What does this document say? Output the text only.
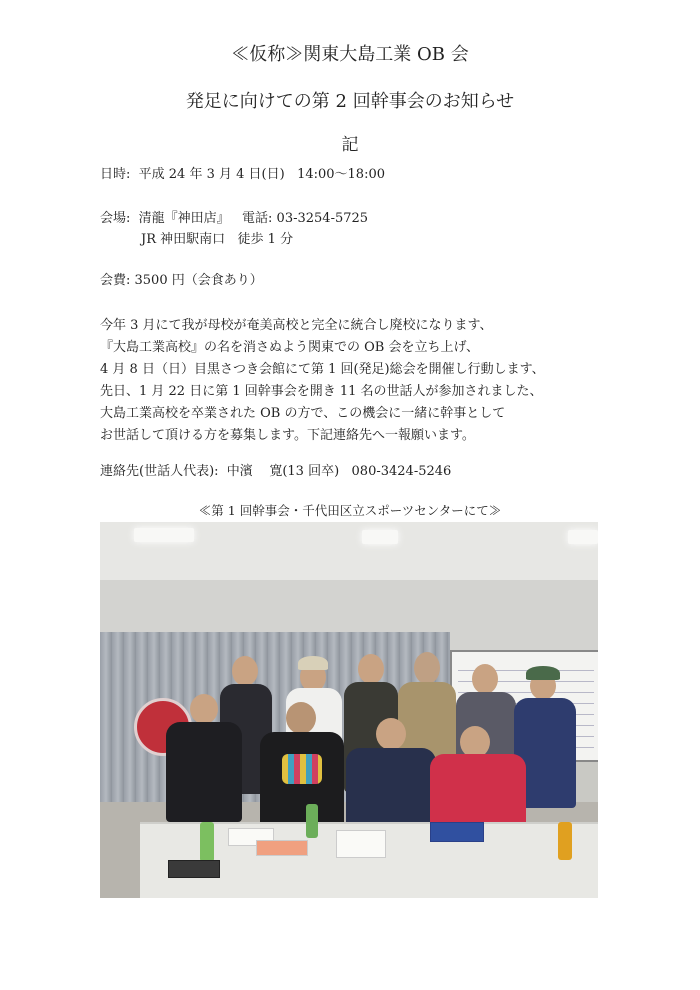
≪仮称≫関東大島工業 OB 会
発足に向けての第 2 回幹事会のお知らせ
記
日時:  平成 24 年 3 月 4 日(日)   14:00～18:00
会場:  清龍『神田店』   電話: 03-3254-5725
JR 神田駅南口   徒歩 1 分
会費: 3500 円（会食あり）
今年 3 月にて我が母校が奄美高校と完全に統合し廃校になります、
『大島工業高校』の名を消さぬよう関東での OB 会を立ち上げ、
4 月 8 日（日）目黒さつき会館にて第 1 回(発足)総会を開催し行動します、
先日、1 月 22 日に第 1 回幹事会を開き 11 名の世話人が参加されました、
大島工業高校を卒業された OB の方で、この機会に一緒に幹事として
お世話して頂ける方を募集します。下記連絡先へ一報願います。
連絡先(世話人代表):  中濱    寛(13 回卒)   080-3424-5246
≪第 1 回幹事会・千代田区立スポーツセンターにて≫
